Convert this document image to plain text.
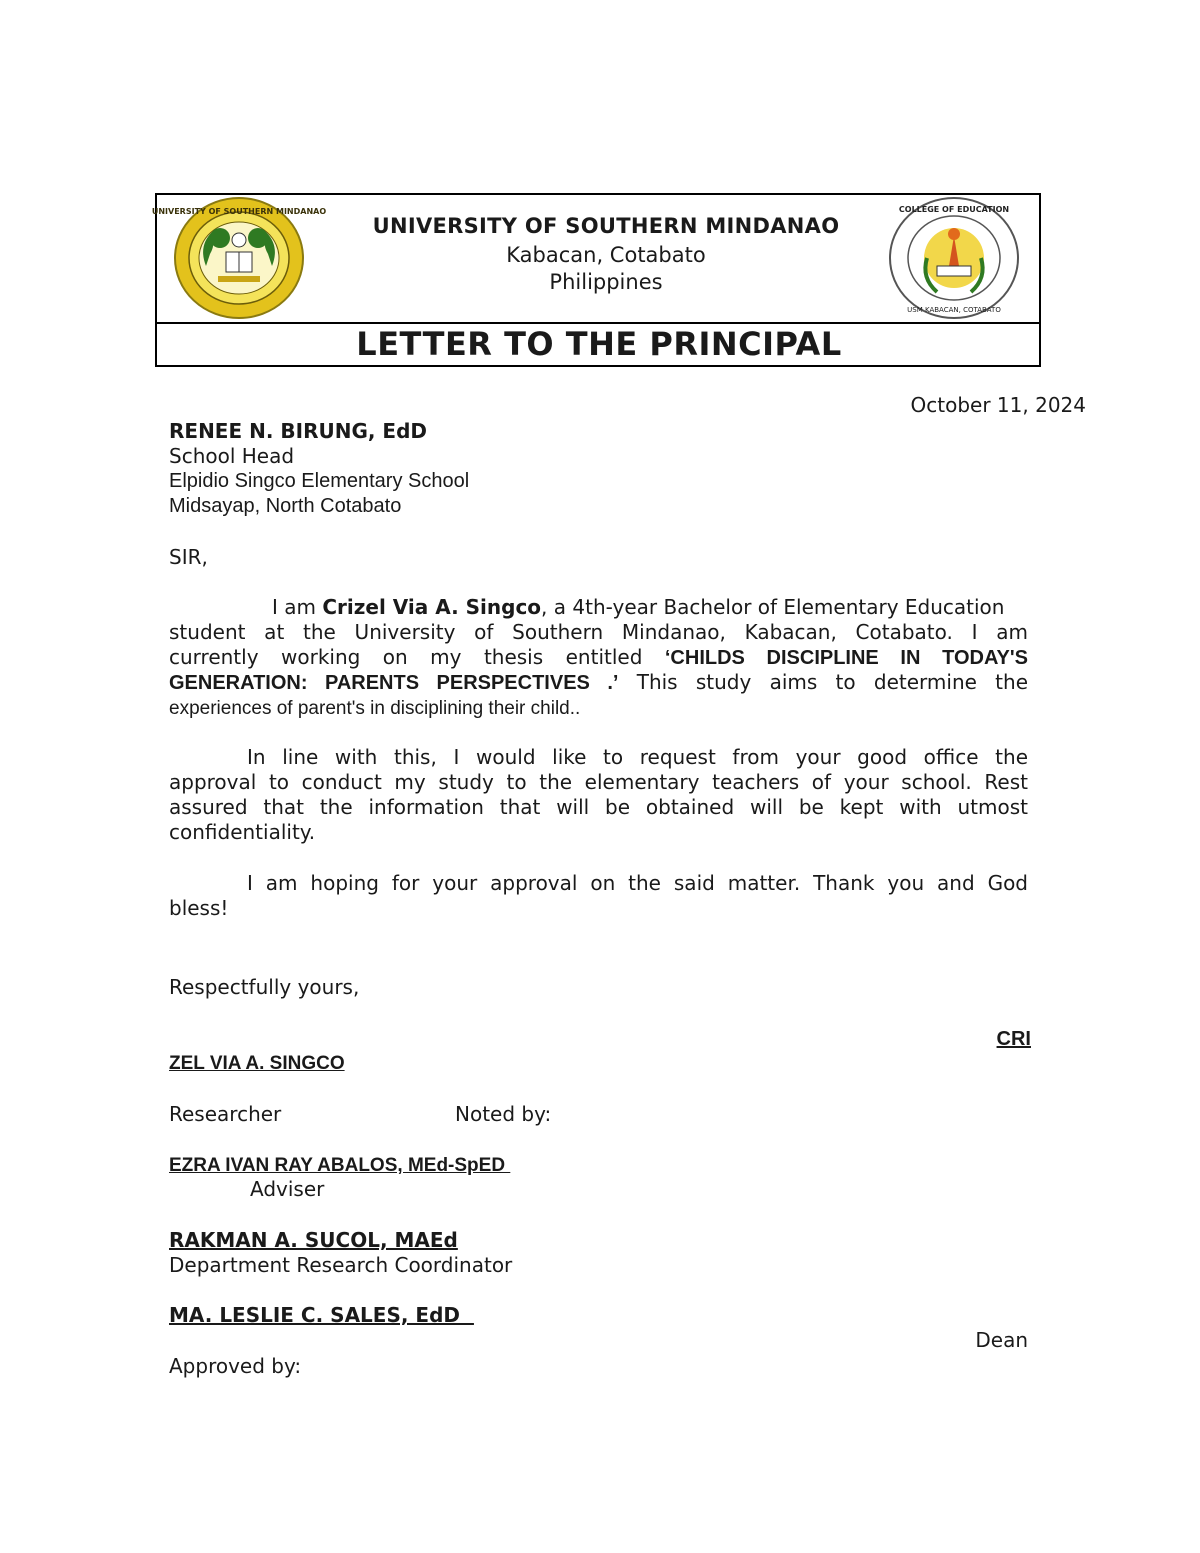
UNIVERSITY OF SOUTHERN MINDANAO	COLLEGE OF EDUCATION
USM KABACAN, COTABATO
UNIVERSITY OF SOUTHERN MINDANAO
Kabacan, Cotabato
Philippines
LETTER TO THE PRINCIPAL
October 11, 2024
RENEE N. BIRUNG, EdD
School Head
Elpidio Singco Elementary School
Midsayap, North Cotabato
SIR,
I am Crizel Via A. Singco, a 4th-year Bachelor of Elementary Education
student at the University of Southern Mindanao, Kabacan, Cotabato. I am
currently working on my thesis entitled ‘CHILDS DISCIPLINE IN TODAY'S
GENERATION: PARENTS PERSPECTIVES .’ This study aims to determine the
experiences of parent's in disciplining their child..
In line with this, I would like to request from your good office the
approval to conduct my study to the elementary teachers of your school. Rest
assured that the information that will be obtained will be kept with utmost
confidentiality.
I am hoping for your approval on the said matter. Thank you and God
bless!
Respectfully yours,
CRI
ZEL VIA A. SINGCO
Researcher	Noted by:
EZRA IVAN RAY ABALOS, MEd-SpED
Adviser
RAKMAN A. SUCOL, MAEd
Department Research Coordinator
MA. LESLIE C. SALES, EdD
Dean
Approved by:
